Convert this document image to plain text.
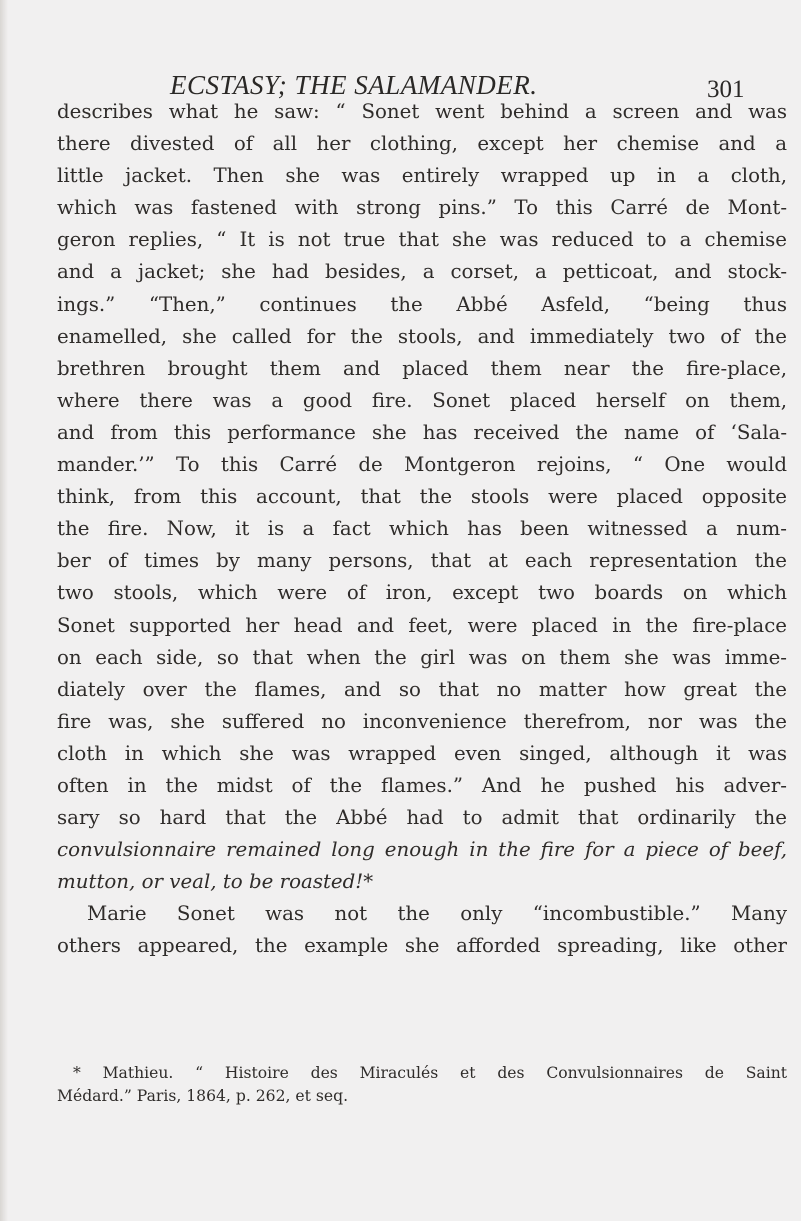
ECSTASY; THE SALAMANDER.	301
describes what he saw: “ Sonet went behind a screen and was
there divested of all her clothing, except her chemise and a
little jacket. Then she was entirely wrapped up in a cloth,
which was fastened with strong pins.” To this Carré de Mont-
geron replies, “ It is not true that she was reduced to a chemise
and a jacket; she had besides, a corset, a petticoat, and stock-
ings.” “Then,” continues the Abbé Asfeld, “being thus
enamelled, she called for the stools, and immediately two of the
brethren brought them and placed them near the fire-place,
where there was a good fire. Sonet placed herself on them,
and from this performance she has received the name of ‘Sala-
mander.’” To this Carré de Montgeron rejoins, “ One would
think, from this account, that the stools were placed opposite
the fire. Now, it is a fact which has been witnessed a num-
ber of times by many persons, that at each representation the
two stools, which were of iron, except two boards on which
Sonet supported her head and feet, were placed in the fire-place
on each side, so that when the girl was on them she was imme-
diately over the flames, and so that no matter how great the
fire was, she suffered no inconvenience therefrom, nor was the
cloth in which she was wrapped even singed, although it was
often in the midst of the flames.” And he pushed his adver-
sary so hard that the Abbé had to admit that ordinarily the
convulsionnaire remained long enough in the fire for a piece of beef,
mutton, or veal, to be roasted!*
Marie Sonet was not the only “incombustible.” Many
others appeared, the example she afforded spreading, like other
* Mathieu. “ Histoire des Miraculés et des Convulsionnaires de Saint
Médard.” Paris, 1864, p. 262, et seq.
